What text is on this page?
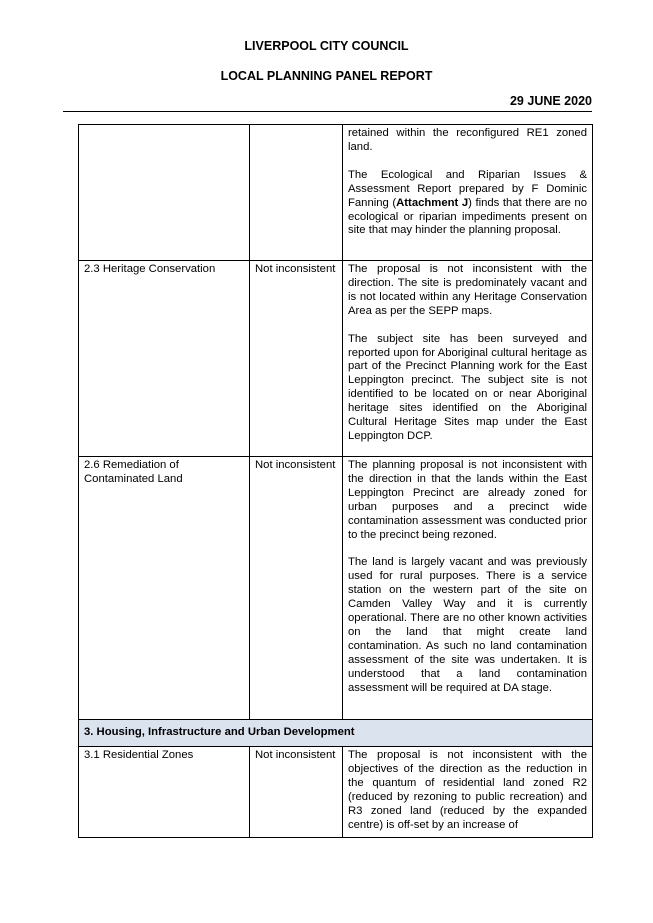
LIVERPOOL CITY COUNCIL
LOCAL PLANNING PANEL REPORT
29 JUNE 2020

		retained within the reconfigured RE1 zoned land.

The Ecological and Riparian Issues & Assessment Report prepared by F Dominic Fanning (Attachment J) finds that there are no ecological or riparian impediments present on site that may hinder the planning proposal.

2.3 Heritage Conservation	Not inconsistent	The proposal is not inconsistent with the direction. The site is predominately vacant and is not located within any Heritage Conservation Area as per the SEPP maps.

The subject site has been surveyed and reported upon for Aboriginal cultural heritage as part of the Precinct Planning work for the East Leppington precinct. The subject site is not identified to be located on or near Aboriginal heritage sites identified on the Aboriginal Cultural Heritage Sites map under the East Leppington DCP.

2.6 Remediation of Contaminated Land	Not inconsistent	The planning proposal is not inconsistent with the direction in that the lands within the East Leppington Precinct are already zoned for urban purposes and a precinct wide contamination assessment was conducted prior to the precinct being rezoned.

The land is largely vacant and was previously used for rural purposes. There is a service station on the western part of the site on Camden Valley Way and it is currently operational. There are no other known activities on the land that might create land contamination. As such no land contamination assessment of the site was undertaken. It is understood that a land contamination assessment will be required at DA stage.

3. Housing, Infrastructure and Urban Development		
3.1 Residential Zones	Not inconsistent	The proposal is not inconsistent with the objectives of the direction as the reduction in the quantum of residential land zoned R2 (reduced by rezoning to public recreation) and R3 zoned land (reduced by the expanded centre) is off-set by an increase of
